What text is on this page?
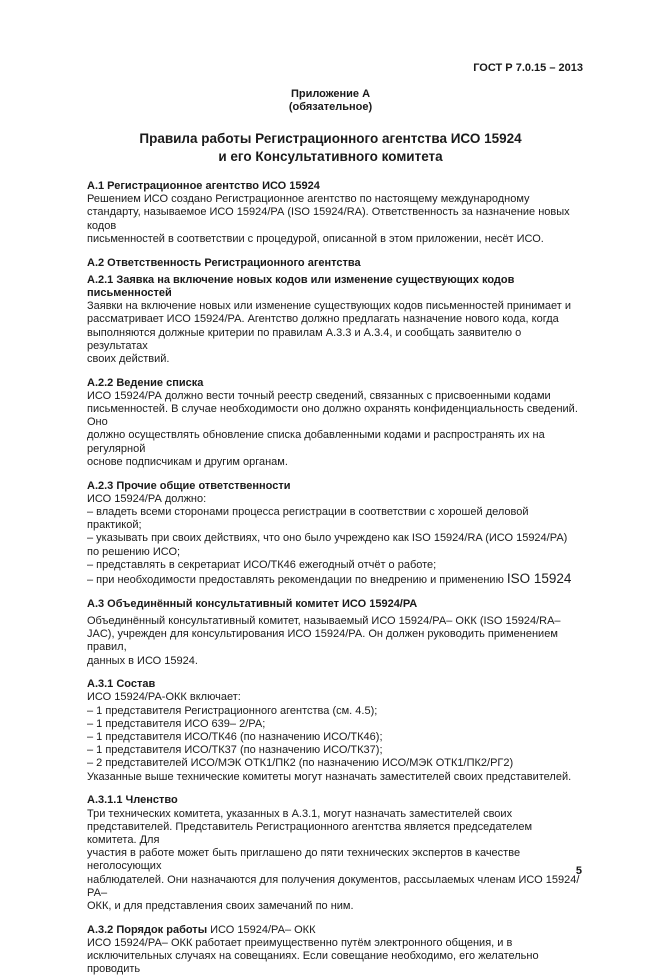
ГОСТ Р 7.0.15 – 2013
Приложение А
(обязательное)
Правила работы Регистрационного агентства ИСО 15924
и его Консультативного комитета

А.1 Регистрационное агентство ИСО 15924

Решением ИСО создано Регистрационное агентство по настоящему международному

стандарту, называемое ИСО 15924/РА (ISO 15924/RA). Ответственность за назначение новых кодов

письменностей в соответствии с процедурой, описанной в этом приложении, несёт ИСО.

А.2 Ответственность Регистрационного агентства

А.2.1 Заявка на включение новых кодов или изменение существующих кодов

письменностей

Заявки на включение новых или изменение существующих кодов письменностей принимает и

рассматривает ИСО 15924/РА. Агентство должно предлагать назначение нового кода, когда

выполняются должные критерии по правилам А.3.3 и А.3.4, и сообщать заявителю о результатах

своих действий.

А.2.2 Ведение списка

ИСО 15924/РА должно вести точный реестр сведений, связанных с присвоенными кодами

письменностей. В случае необходимости оно должно охранять конфиденциальность сведений. Оно

должно осуществлять обновление списка добавленными кодами и распространять их на регулярной

основе подписчикам и другим органам.

А.2.3 Прочие общие ответственности

ИСО 15924/РА должно:

– владеть всеми сторонами процесса регистрации в соответствии с хорошей деловой

практикой;

– указывать при своих действиях, что оно было учреждено как ISO 15924/RA (ИСО 15924/РА)

по решению ИСО;

– представлять в секретариат ИСО/ТК46 ежегодный отчёт о работе;

– при необходимости предоставлять рекомендации по внедрению и применению ISO 15924

А.3 Объединённый консультативный комитет ИСО 15924/РА

Объединённый консультативный комитет, называемый ИСО 15924/РА– ОКК (ISO 15924/RA–

JAC), учрежден для консультирования ИСО 15924/РА. Он должен руководить применением правил,

данных в ИСО 15924.

А.3.1 Состав

ИСО 15924/РА-ОКК включает:

– 1 представителя Регистрационного агентства (см. 4.5);

– 1 представителя ИСО 639– 2/РА;

– 1 представителя ИСО/ТК46 (по назначению ИСО/ТК46);

– 1 представителя ИСО/ТК37 (по назначению ИСО/ТК37);

– 2 представителей ИСО/МЭК ОТК1/ПК2 (по назначению ИСО/МЭК ОТК1/ПК2/РГ2)

Указанные выше технические комитеты могут назначать заместителей своих представителей.

А.3.1.1 Членство

Три технических комитета, указанных в А.3.1, могут назначать заместителей своих

представителей. Представитель Регистрационного агентства является председателем комитета. Для

участия в работе может быть приглашено до пяти технических экспертов в качестве неголосующих

наблюдателей. Они назначаются для получения документов, рассылаемых членам ИСО 15924/РА–

ОКК, и для представления своих замечаний по ним.

А.3.2 Порядок работы ИСО 15924/РА– ОКК

ИСО 15924/РА– ОКК работает преимущественно путём электронного общения, и в

исключительных случаях на совещаниях. Если совещание необходимо, его желательно проводить

5
